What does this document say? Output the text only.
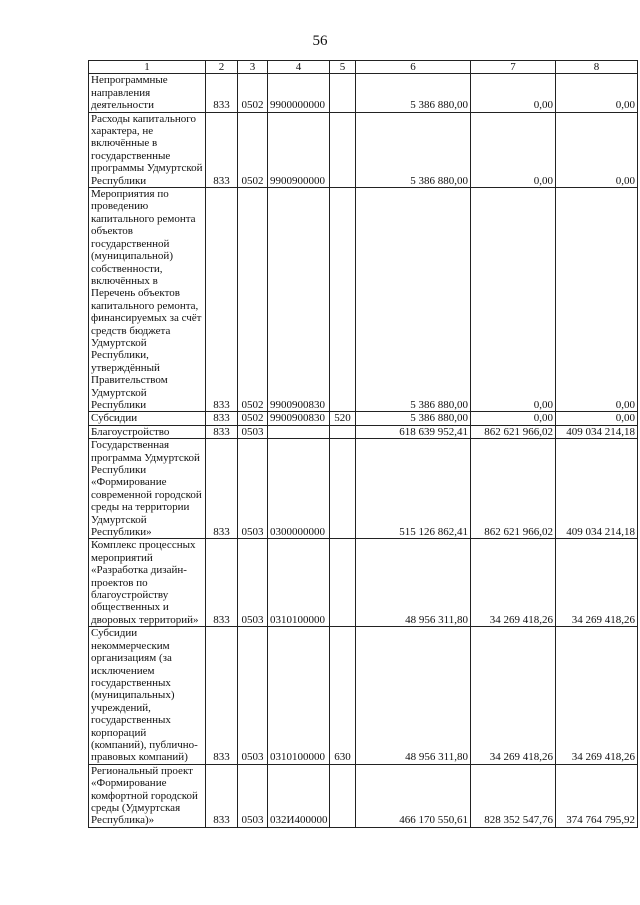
56
1	2	3	4	5	6	7	8
Непрограммные направления деятельности	833	0502	9900000000		5 386 880,00	0,00	0,00
Расходы капитального характера, не включённые в государственные программы Удмуртской Республики	833	0502	9900900000		5 386 880,00	0,00	0,00
Мероприятия по проведению капитального ремонта объектов государственной (муниципальной) собственности, включённых в Перечень объектов капитального ремонта, финансируемых за счёт средств бюджета Удмуртской Республики, утверждённый Правительством Удмуртской Республики	833	0502	9900900830		5 386 880,00	0,00	0,00
Субсидии	833	0502	9900900830	520	5 386 880,00	0,00	0,00
Благоустройство	833	0503			618 639 952,41	862 621 966,02	409 034 214,18
Государственная программа Удмуртской Республики «Формирование современной городской среды на территории Удмуртской Республики»	833	0503	0300000000		515 126 862,41	862 621 966,02	409 034 214,18
Комплекс процессных мероприятий «Разработка дизайн-проектов по благоустройству общественных и дворовых территорий»	833	0503	0310100000		48 956 311,80	34 269 418,26	34 269 418,26
Субсидии некоммерческим организациям (за исключением государственных (муниципальных) учреждений, государственных корпораций (компаний), публично-правовых компаний)	833	0503	0310100000	630	48 956 311,80	34 269 418,26	34 269 418,26
Региональный проект «Формирование комфортной городской среды (Удмуртская Республика)»	833	0503	032И400000		466 170 550,61	828 352 547,76	374 764 795,92
